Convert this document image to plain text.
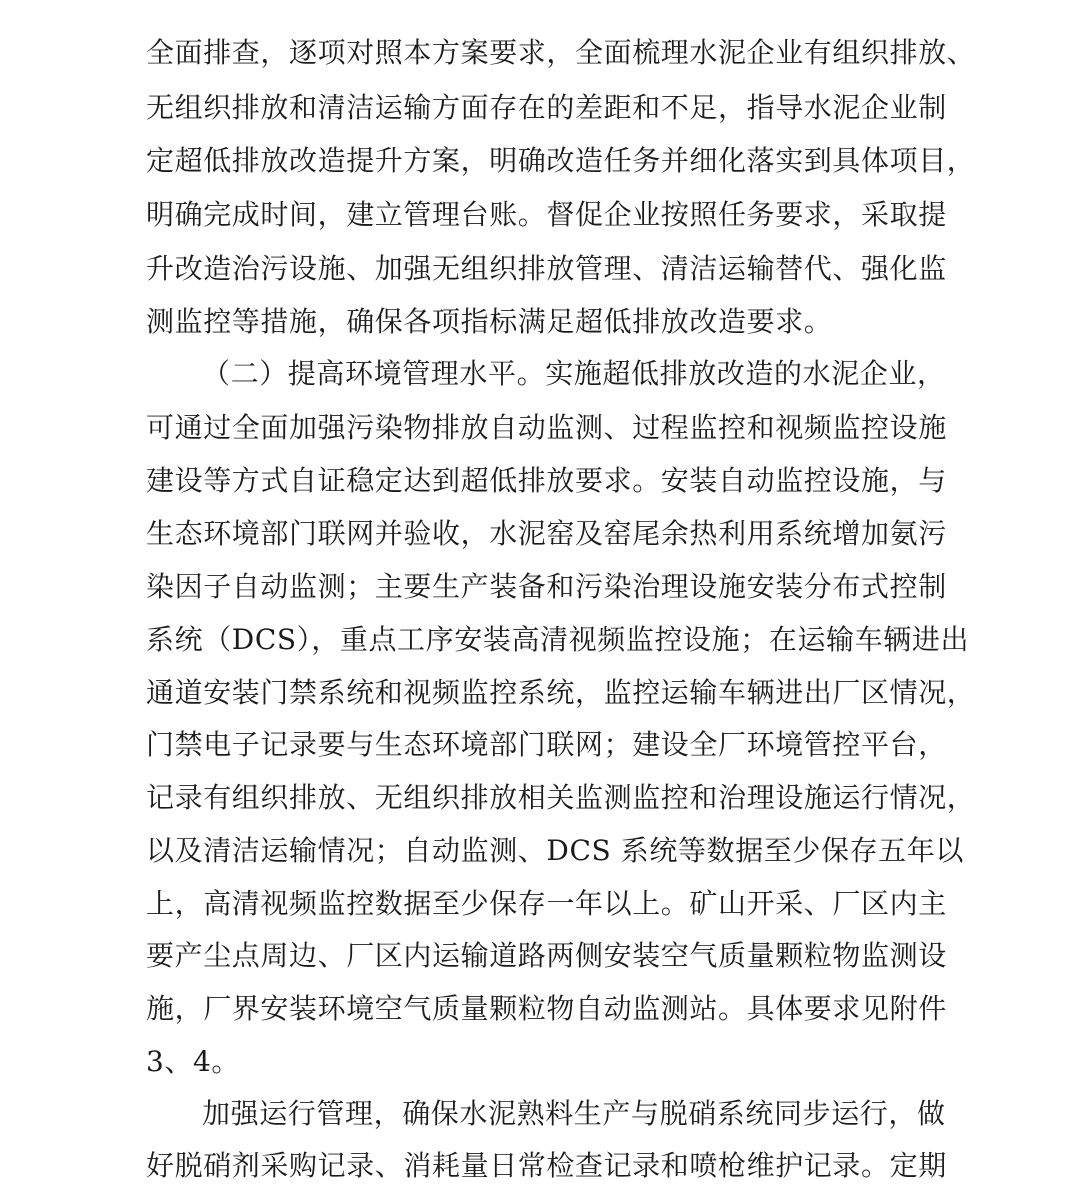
全面排查，逐项对照本方案要求，全面梳理水泥企业有组织排放、
无组织排放和清洁运输方面存在的差距和不足，指导水泥企业制
定超低排放改造提升方案，明确改造任务并细化落实到具体项目，
明确完成时间，建立管理台账。督促企业按照任务要求，采取提
升改造治污设施、加强无组织排放管理、清洁运输替代、强化监
测监控等措施，确保各项指标满足超低排放改造要求。
（二）提高环境管理水平。实施超低排放改造的水泥企业，
可通过全面加强污染物排放自动监测、过程监控和视频监控设施
建设等方式自证稳定达到超低排放要求。安装自动监控设施，与
生态环境部门联网并验收，水泥窑及窑尾余热利用系统增加氨污
染因子自动监测；主要生产装备和污染治理设施安装分布式控制
系统（DCS），重点工序安装高清视频监控设施；在运输车辆进出
通道安装门禁系统和视频监控系统，监控运输车辆进出厂区情况，
门禁电子记录要与生态环境部门联网；建设全厂环境管控平台，
记录有组织排放、无组织排放相关监测监控和治理设施运行情况，
以及清洁运输情况；自动监测、DCS 系统等数据至少保存五年以
上，高清视频监控数据至少保存一年以上。矿山开采、厂区内主
要产尘点周边、厂区内运输道路两侧安装空气质量颗粒物监测设
施，厂界安装环境空气质量颗粒物自动监测站。具体要求见附件
3、4。
加强运行管理，确保水泥熟料生产与脱硝系统同步运行，做
好脱硝剂采购记录、消耗量日常检查记录和喷枪维护记录。定期
